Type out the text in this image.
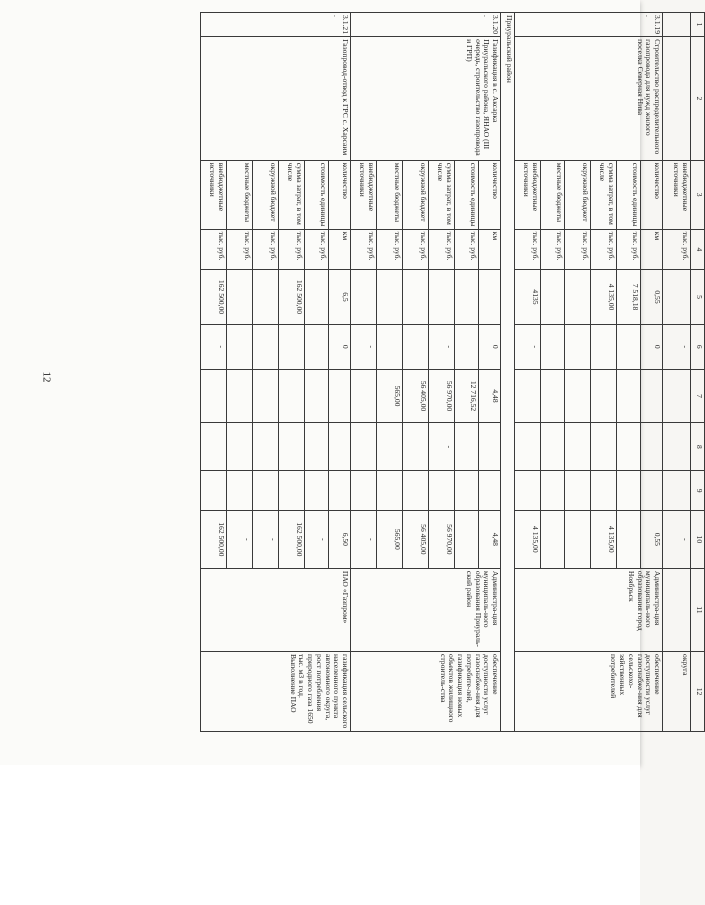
12
1	2	3	4	5	6	7	8	9	10	11	12
		внебюджетные источники	тыс. руб.		-				-		округа
3.1.19.	Строительство распределительного газопровода для нужд жилого поселка Северная Нива	количество	км	0,55	0				0,55	Администра-ция муниципаль-ного образования город Ноябрьск	обеспечение доступности услуг газоснабже-ния для сельскохо-зяйственных потребителей
		стоимость единицы	тыс. руб.	7 518,18							
		сумма затрат, в том числе	тыс. руб.	4 135,00					4 135,00		
		окружной бюджет	тыс. руб.								
		местные бюджеты	тыс. руб.								
		внебюджетные источники	тыс. руб.	4135	-				4 135,00		
Приуральский район											
3.1.20.	Газификация в с. Аксарка Приуральского района, ЯНАО (III очередь, строительство газопровода и ГРП)	количество	км		0	4,48			4,48	Администра-ция муниципаль-ного образования Приураль-ский район	обеспечение доступности услуг газоснабже-ния для потребите-лей, газификация новых объектов жилищного строитель-ства
		стоимость единицы	тыс. руб.			12 716,52					
		сумма затрат, в том числе	тыс. руб.		-	56 970,00	-		56 970,00		
		окружной бюджет	тыс. руб.			56 405,00			56 405,00		
		местные бюджеты	тыс. руб.			565,00			565,00		
		внебюджетные источники	тыс. руб.		-				-		
3.1.21.	Газопровод-отвод к ГРС с. Харсаим	количество	км	6,5	0				6,50	ПАО «Газпром»	газификация сельского населенного пункта автономного округа, рост потребления природного газа 1650 тыс. м3 в год. Выполнение ПАО
		стоимость единицы	тыс. руб.						-		
		сумма затрат, в том числе	тыс. руб.	162 500,00					162 500,00		
		окружной бюджет	тыс. руб.						-		
		местные бюджеты	тыс. руб.						-		
		внебюджетные источники	тыс. руб.	162 500,00	-				162 500,00		
